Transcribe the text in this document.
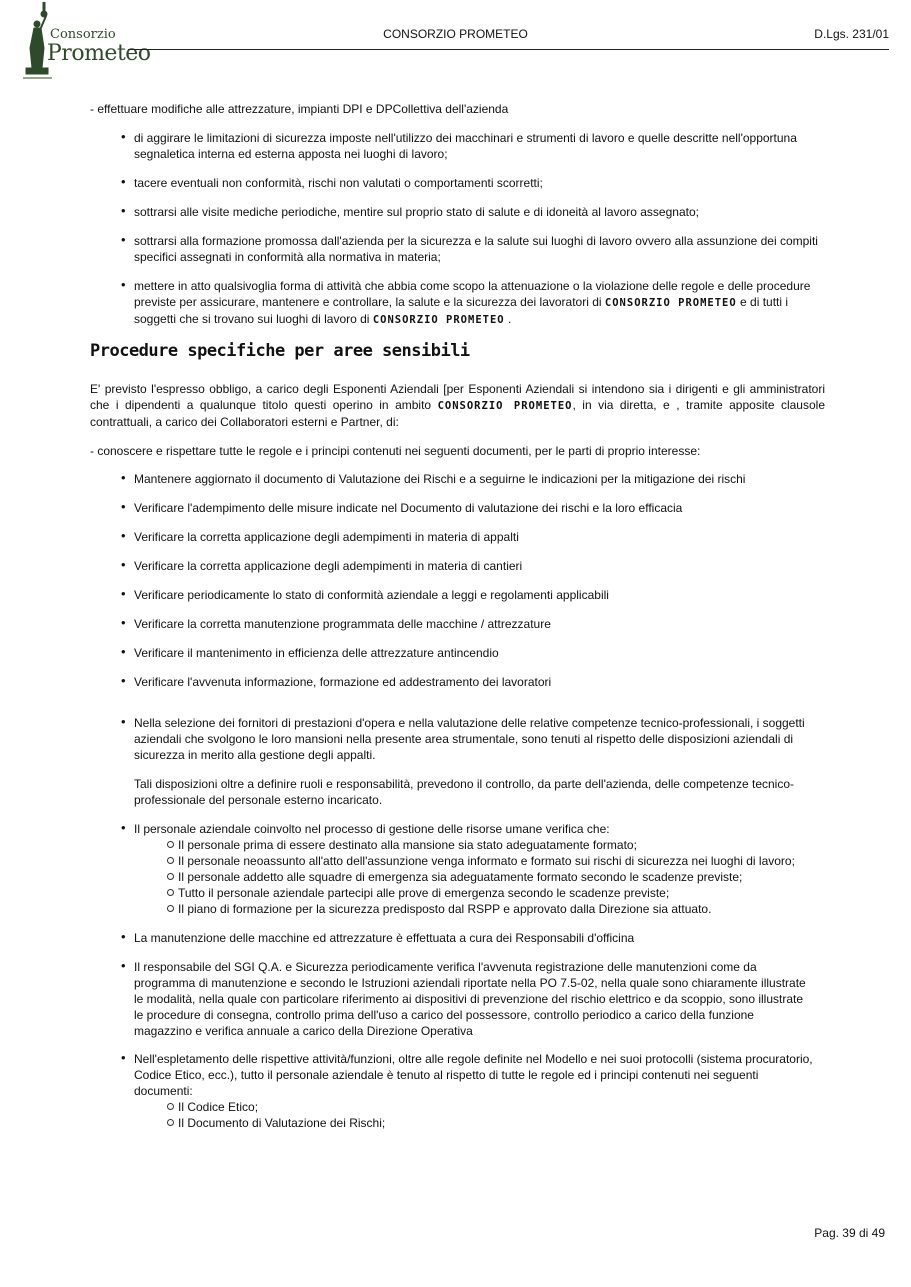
Consorzio
Prometeo
CONSORZIO PROMETEO	D.Lgs. 231/01

- effettuare modifiche alle attrezzature, impianti DPI e DPCollettiva dell'azienda

• di aggirare le limitazioni di sicurezza imposte nell'utilizzo dei macchinari e strumenti di lavoro e quelle descritte nell'opportuna segnaletica interna ed esterna apposta nei luoghi di lavoro;
• tacere eventuali non conformità, rischi non valutati o comportamenti scorretti;
• sottrarsi alle visite mediche periodiche, mentire sul proprio stato di salute e di idoneità al lavoro assegnato;
• sottrarsi alla formazione promossa dall'azienda per la sicurezza e la salute sui luoghi di lavoro ovvero alla assunzione dei compiti specifici assegnati in conformità alla normativa in materia;
• mettere in atto qualsivoglia forma di attività che abbia come scopo la attenuazione o la violazione delle regole e delle procedure previste per assicurare, mantenere e controllare, la salute e la sicurezza dei lavoratori di CONSORZIO PROMETEO e di tutti i soggetti che si trovano sui luoghi di lavoro di CONSORZIO PROMETEO .
Procedure specifiche per aree sensibili

E' previsto l'espresso obbligo, a carico degli Esponenti Aziendali [per Esponenti Aziendali si intendono sia i dirigenti e gli amministratori che i dipendenti a qualunque titolo questi operino in ambito CONSORZIO PROMETEO, in via diretta, e , tramite apposite clausole contrattuali, a carico dei Collaboratori esterni e Partner, di:

- conoscere e rispettare tutte le regole e i principi contenuti nei seguenti documenti, per le parti di proprio interesse:

• Mantenere aggiornato il documento di Valutazione dei Rischi e a seguirne le indicazioni per la mitigazione dei rischi
• Verificare l'adempimento delle misure indicate nel Documento di valutazione dei rischi e la loro efficacia
• Verificare la corretta applicazione degli adempimenti in materia di appalti
• Verificare la corretta applicazione degli adempimenti in materia di cantieri
• Verificare periodicamente lo stato di conformità aziendale a leggi e regolamenti applicabili
• Verificare la corretta manutenzione programmata delle macchine / attrezzature
• Verificare il mantenimento in efficienza delle attrezzature antincendio
• Verificare l'avvenuta informazione, formazione ed addestramento dei lavoratori

• Nella selezione dei fornitori di prestazioni d'opera e nella valutazione delle relative competenze tecnico-professionali, i soggetti aziendali che svolgono le loro mansioni nella presente area strumentale, sono tenuti al rispetto delle disposizioni aziendali di sicurezza in merito alla gestione degli appalti.

Tali disposizioni oltre a definire ruoli e responsabilità, prevedono il controllo, da parte dell'azienda, delle competenze tecnico-professionale del personale esterno incaricato.

• Il personale aziendale coinvolto nel processo di gestione delle risorse umane verifica che:

Il personale prima di essere destinato alla mansione sia stato adeguatamente formato;
Il personale neoassunto all'atto dell'assunzione venga informato e formato sui rischi di sicurezza nei luoghi di lavoro;
Il personale addetto alle squadre di emergenza sia adeguatamente formato secondo le scadenze previste;
Tutto il personale aziendale partecipi alle prove di emergenza secondo le scadenze previste;
Il piano di formazione per la sicurezza predisposto dal RSPP e approvato dalla Direzione sia attuato.
• La manutenzione delle macchine ed attrezzature è effettuata a cura dei Responsabili d'officina
• Il responsabile del SGI Q.A. e Sicurezza periodicamente verifica l'avvenuta registrazione delle manutenzioni come da programma di manutenzione e secondo le Istruzioni aziendali riportate nella PO 7.5-02, nella quale sono chiaramente illustrate le modalità, nella quale con particolare riferimento ai dispositivi di prevenzione del rischio elettrico e da scoppio, sono illustrate le procedure di consegna, controllo prima dell'uso a carico del possessore, controllo periodico a carico della funzione magazzino e verifica annuale a carico della Direzione Operativa

• Nell'espletamento delle rispettive attività/funzioni, oltre alle regole definite nel Modello e nei suoi protocolli (sistema procuratorio, Codice Etico, ecc.), tutto il personale aziendale è tenuto al rispetto di tutte le regole ed i principi contenuti nei seguenti documenti:

Il Codice Etico;
Il Documento di Valutazione dei Rischi;
Pag. 39 di 49
